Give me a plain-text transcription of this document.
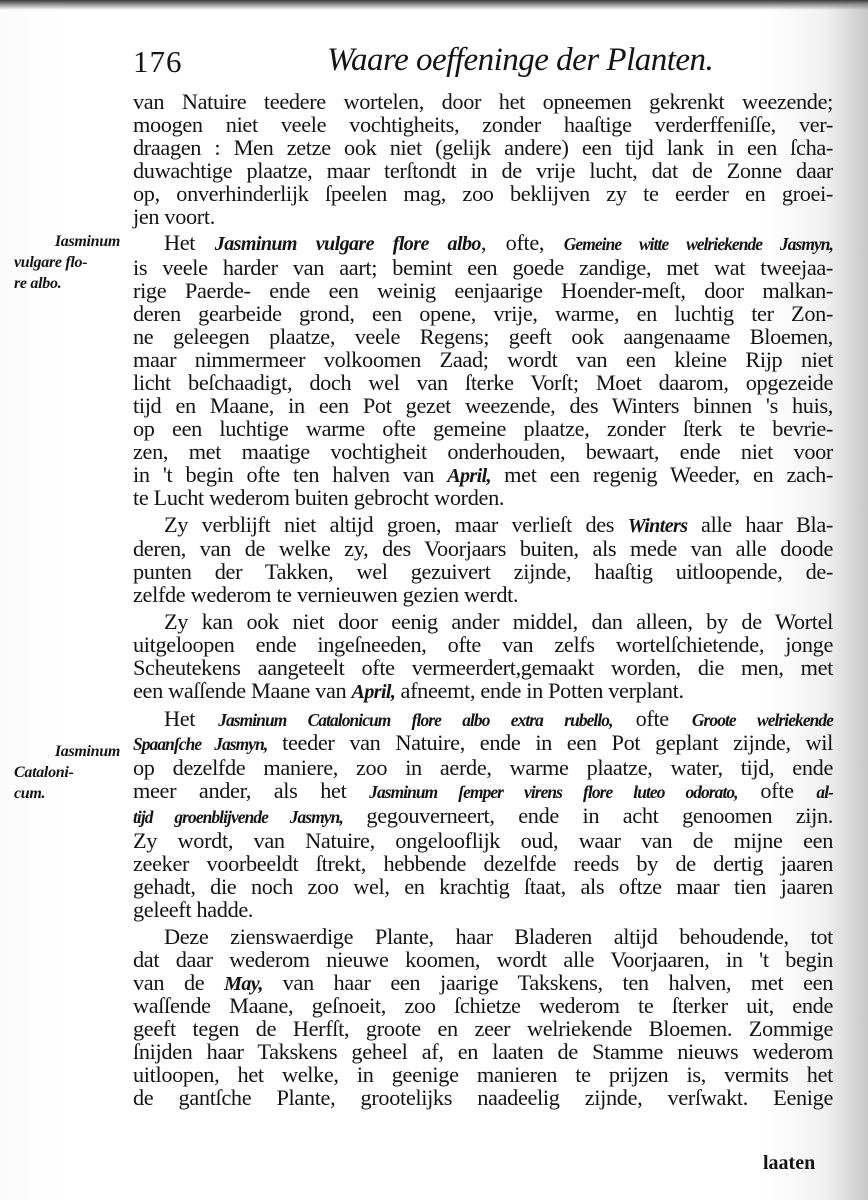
176	Waare oeffeninge der Planten.
Iasminum
vulgare flo-
re albo.
Iasminum
Cataloni-
cum.
van Natuire teedere wortelen, door het opneemen gekrenkt weezende;
moogen niet veele vochtigheits, zonder haaſtige verderffeniſſe, ver-
draagen : Men zetze ook niet (gelijk andere) een tijd lank in een ſcha-
duwachtige plaatze, maar terſtondt in de vrije lucht, dat de Zonne daar
op, onverhinderlijk ſpeelen mag, zoo beklijven zy te eerder en groei-
jen voort.
Het Jasminum vulgare flore albo, ofte, Gemeine witte welriekende Jasmyn,
is veele harder van aart; bemint een goede zandige, met wat tweejaa-
rige Paerde- ende een weinig eenjaarige Hoender-meſt, door malkan-
deren gearbeide grond, een opene, vrije, warme, en luchtig ter Zon-
ne geleegen plaatze, veele Regens; geeft ook aangenaame Bloemen,
maar nimmermeer volkoomen Zaad; wordt van een kleine Rijp niet
licht beſchaadigt, doch wel van ſterke Vorſt; Moet daarom, opgezeide
tijd en Maane, in een Pot gezet weezende, des Winters binnen 's huis,
op een luchtige warme ofte gemeine plaatze, zonder ſterk te bevrie-
zen, met maatige vochtigheit onderhouden, bewaart, ende niet voor
in 't begin ofte ten halven van April, met een regenig Weeder, en zach-
te Lucht wederom buiten gebrocht worden.
Zy verblijft niet altijd groen, maar verlieſt des Winters alle haar Bla-
deren, van de welke zy, des Voorjaars buiten, als mede van alle doode
punten der Takken, wel gezuivert zijnde, haaſtig uitloopende, de-
zelfde wederom te vernieuwen gezien werdt.
Zy kan ook niet door eenig ander middel, dan alleen, by de Wortel
uitgeloopen ende ingeſneeden, ofte van zelfs wortelſchietende, jonge
Scheutekens aangeteelt ofte vermeerdert,gemaakt worden, die men, met
een waſſende Maane van April, afneemt, ende in Potten verplant.
Het Jasminum Catalonicum flore albo extra rubello, ofte Groote welriekende
Spaanſche Jasmyn, teeder van Natuire, ende in een Pot geplant zijnde, wil
op dezelfde maniere, zoo in aerde, warme plaatze, water, tijd, ende
meer ander, als het Jasminum ſemper virens flore luteo odorato, ofte al-
tijd groenblijvende Jasmyn, gegouverneert, ende in acht genoomen zijn.
Zy wordt, van Natuire, ongelooflijk oud, waar van de mijne een
zeeker voorbeeldt ſtrekt, hebbende dezelfde reeds by de dertig jaaren
gehadt, die noch zoo wel, en krachtig ſtaat, als oftze maar tien jaaren
geleeft hadde.
Deze zienswaerdige Plante, haar Bladeren altijd behoudende, tot
dat daar wederom nieuwe koomen, wordt alle Voorjaaren, in 't begin
van de May, van haar een jaarige Takskens, ten halven, met een
waſſende Maane, geſnoeit, zoo ſchietze wederom te ſterker uit, ende
geeft tegen de Herfſt, groote en zeer welriekende Bloemen. Zommige
ſnijden haar Takskens geheel af, en laaten de Stamme nieuws wederom
uitloopen, het welke, in geenige manieren te prijzen is, vermits het
de gantſche Plante, grootelijks naadeelig zijnde, verſwakt. Eenige
laaten
